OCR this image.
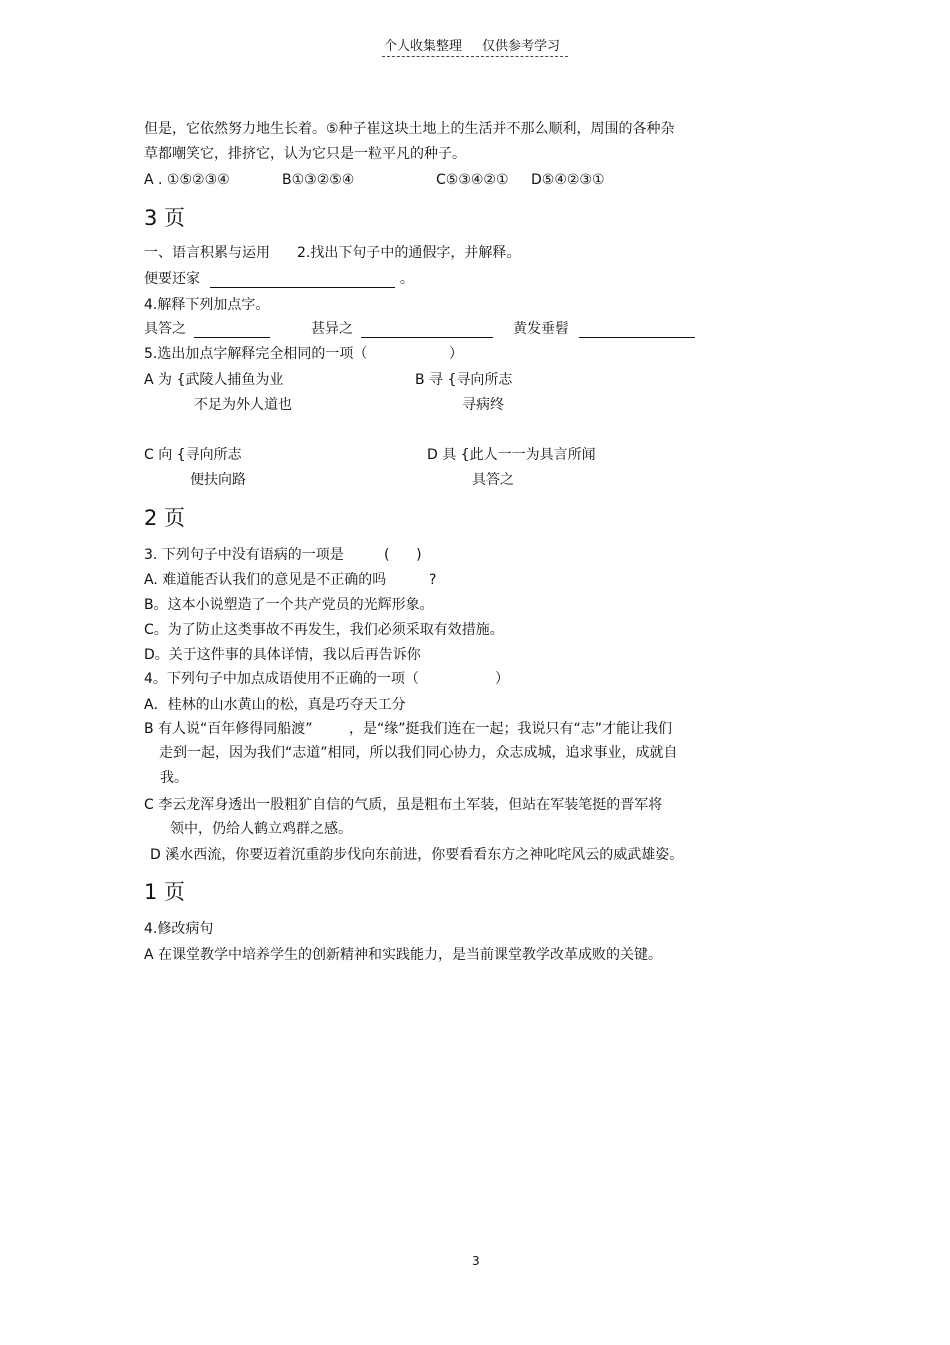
个人收集整理 仅供参考学习
但是，它依然努力地生长着。⑤种子崔这块土地上的生活并不那么顺利，周围的各种杂
草都嘲笑它，排挤它，认为它只是一粒平凡的种子。
A . ①⑤②③④	B①③②⑤④	C⑤③④②① D⑤④②③①
3 页
一、语言积累与运用 2.找出下句子中的通假字，并解释。
便要还家	。
4.解释下列加点字。
具答之	甚异之	黄发垂髫
5.选出加点字解释完全相同的一项（	）
A 为 {武陵人捕鱼为业
不足为外人道也
B 寻 {寻向所志
寻病终
C 向 {寻向所志
便扶向路
D 具 {此人一一为具言所闻
具答之
2 页
3. 下列句子中没有语病的一项是	(      )
A. 难道能否认我们的意见是不正确的吗	?
B。这本小说塑造了一个共产党员的光辉形象。
C。为了防止这类事故不再发生，我们必须采取有效措施。
D。关于这件事的具体详情，我以后再告诉你
4。下列句子中加点成语使用不正确的一项（	）
A．桂林的山水黄山的松，真是巧夺天工分
B 有人说“百年修得同船渡”	，是“缘”挺我们连在一起；我说只有“志”才能让我们
走到一起，因为我们“志道”相同，所以我们同心协力，众志成城，追求事业，成就自
我。
C 李云龙浑身透出一股粗犷自信的气质，虽是粗布土军装，但站在军装笔挺的晋军将
领中，仍给人鹤立鸡群之感。
D 溪水西流，你要迈着沉重韵步伐向东前进，你要看看东方之神叱咤风云的威武雄姿。
1 页
4.修改病句
A 在课堂教学中培养学生的创新精神和实践能力，是当前课堂教学改革成败的关键。
3
